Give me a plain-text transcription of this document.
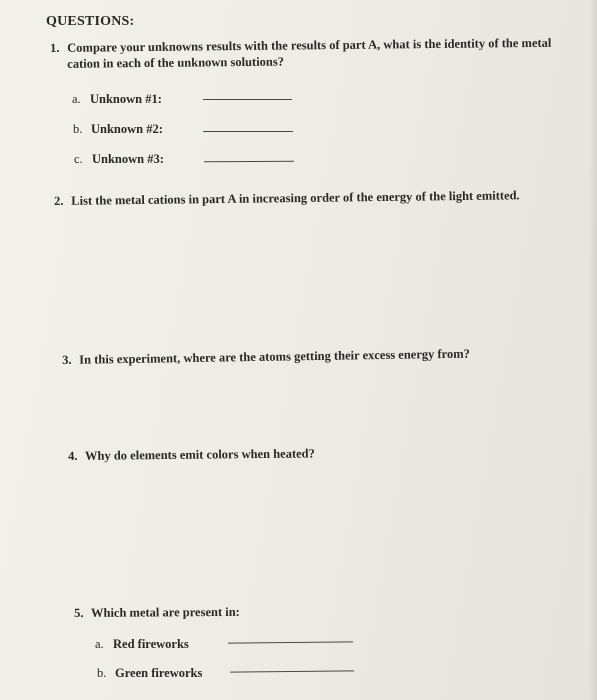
QUESTIONS:
1. Compare your unknowns results with the results of part A, what is the identity of the metal
cation in each of the unknown solutions?
a. Unknown #1:
b. Unknown #2:
c. Unknown #3:
2. List the metal cations in part A in increasing order of the energy of the light emitted.
3. In this experiment, where are the atoms getting their excess energy from?
4. Why do elements emit colors when heated?
5. Which metal are present in:
a. Red fireworks
b. Green fireworks
